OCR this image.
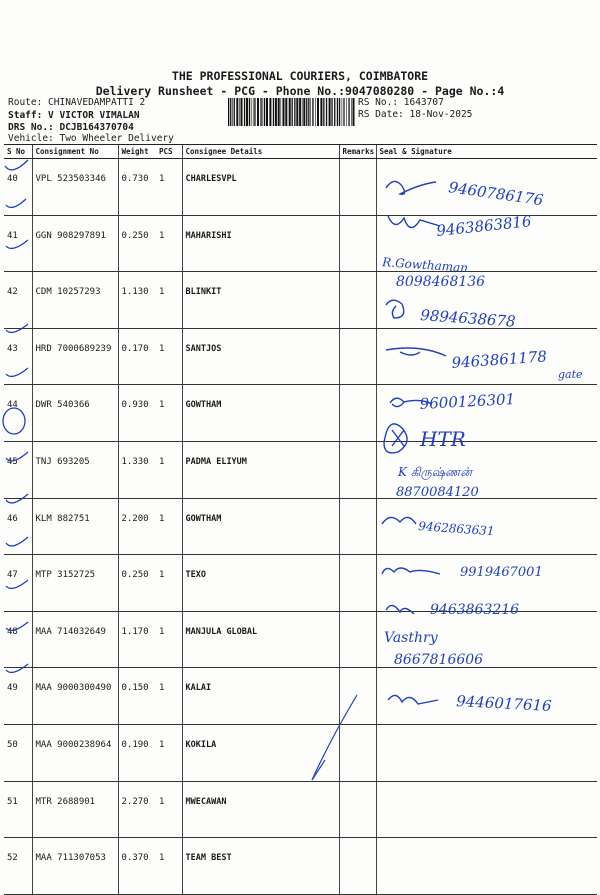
THE PROFESSIONAL COURIERS, COIMBATORE
Delivery Runsheet - PCG - Phone No.:9047080280 - Page No.:4
Route: CHINAVEDAMPATTI 2
Staff: V VICTOR VIMALAN
DRS No.: DCJB164370704
Vehicle: Two Wheeler Delivery
RS No.: 1643707
RS Date: 18-Nov-2025
S No	Consignment No	Weight	PCS	Consignee Details	Remarks	Seal & Signature
40	VPL 523503346	0.730	1	CHARLESVPL		
41	GGN 908297891	0.250	1	MAHARISHI		
42	CDM 10257293	1.130	1	BLINKIT		
43	HRD 7000689239	0.170	1	SANTJOS		
44	DWR 540366	0.930	1	GOWTHAM		
45	TNJ 693205	1.330	1	PADMA ELIYUM		
46	KLM 882751	2.200	1	GOWTHAM		
47	MTP 3152725	0.250	1	TEXO		
48	MAA 714032649	1.170	1	MANJULA GLOBAL		
49	MAA 9000300490	0.150	1	KALAI		
50	MAA 9000238964	0.190	1	KOKILA		
51	MTR 2688901	2.270	1	MWECAWAN		
52	MAA 711307053	0.370	1	TEAM BEST		
9460786176
9463863816
R.Gowthaman
8098468136
9894638678
9463861178
gate
9600126301
HTR
K கிருஷ்ணன்
8870084120
9462863631
9919467001
9463863216
Vasthry
8667816606
9446017616
